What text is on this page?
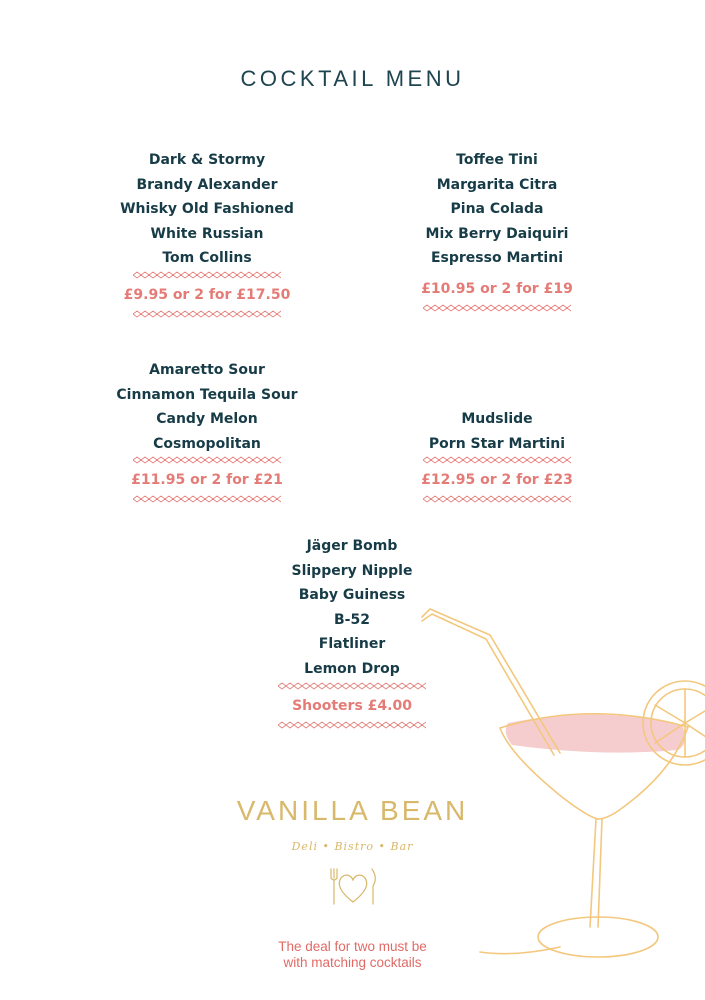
COCKTAIL MENU
Dark & Stormy
Brandy Alexander
Whisky Old Fashioned
White Russian
Tom Collins
£9.95 or 2 for £17.50
Toffee Tini
Margarita Citra
Pina Colada
Mix Berry Daiquiri
Espresso Martini
£10.95 or 2 for £19
Amaretto Sour
Cinnamon Tequila Sour
Candy Melon
Cosmopolitan
£11.95 or 2 for £21
Mudslide
Porn Star Martini
£12.95 or 2 for £23
Jäger Bomb
Slippery Nipple
Baby Guiness
B-52
Flatliner
Lemon Drop
Shooters £4.00
VANILLA BEAN
Deli • Bistro • Bar
The deal for two must be
with matching cocktails
